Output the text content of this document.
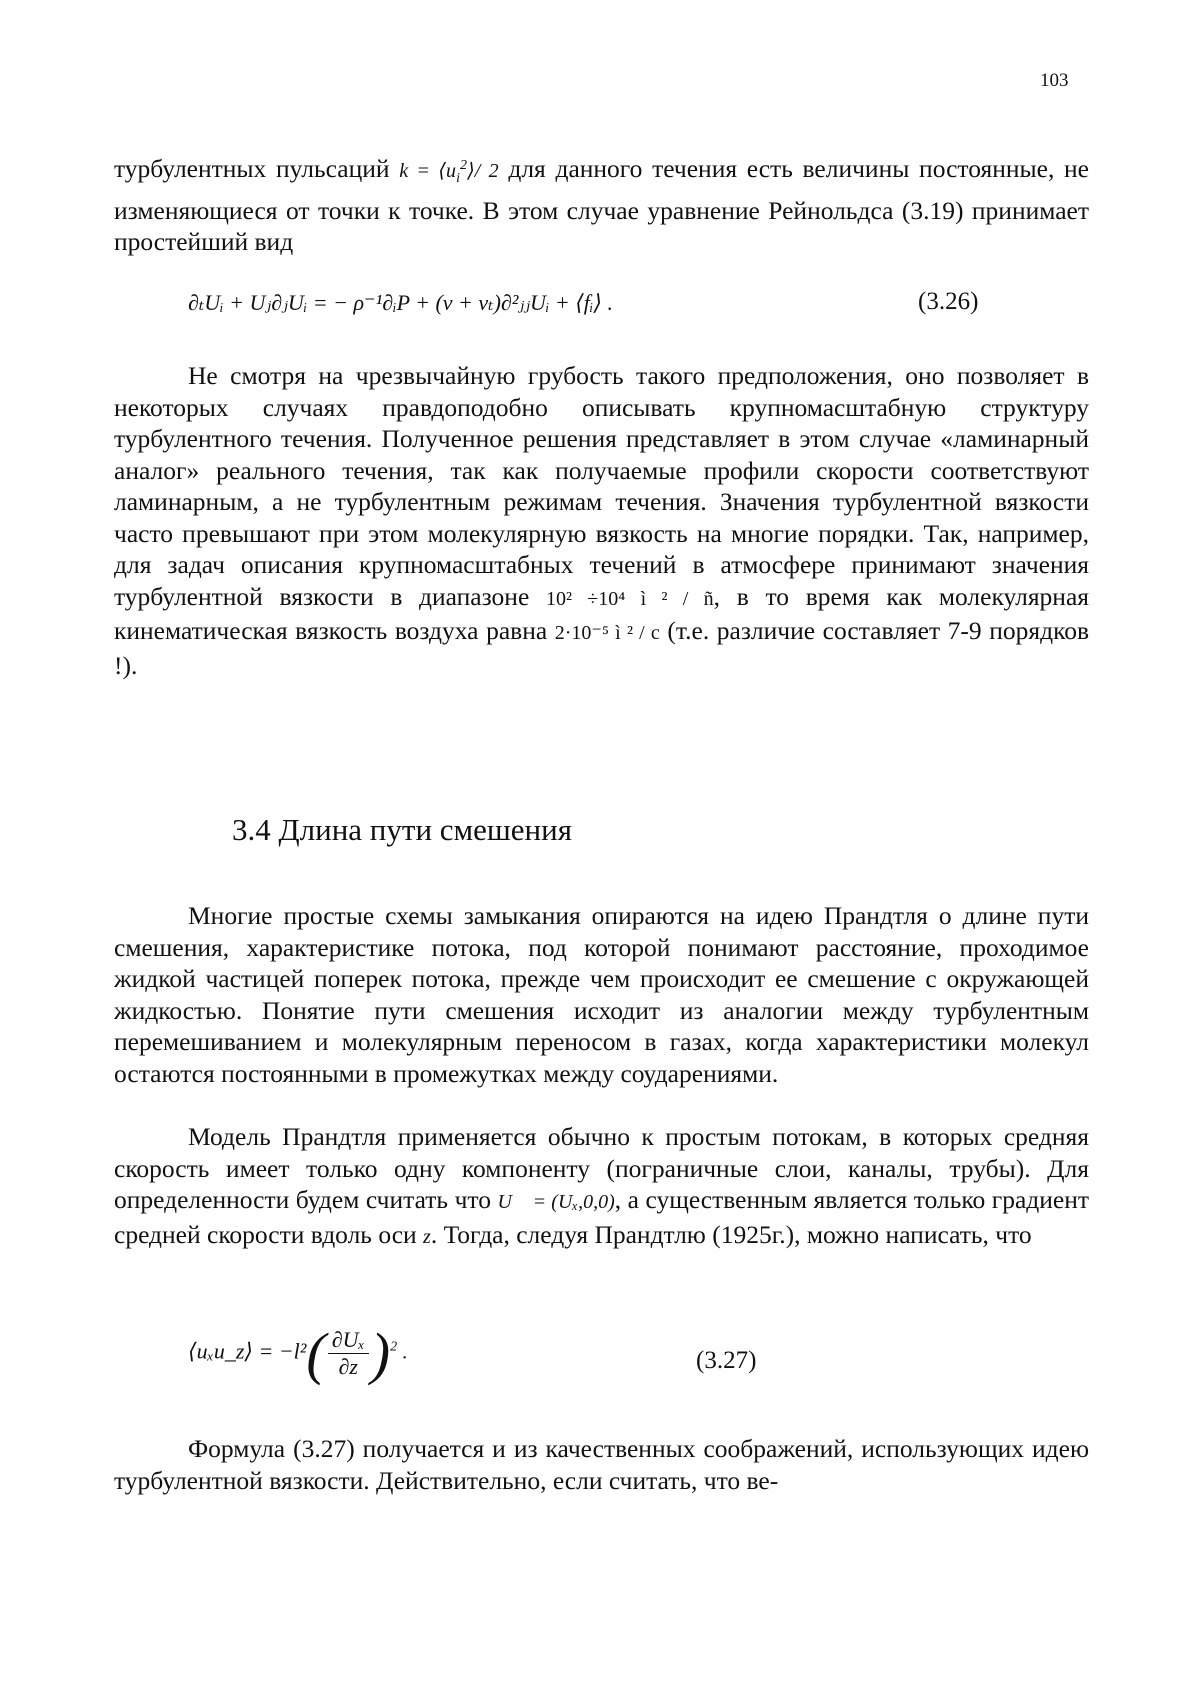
103

турбулентных пульсаций $k = ⟨u_i^2⟩/$ 2 для данного течения есть величины постоянные, не изменяющиеся от точки к точке. В этом случае уравнение Рейнольдса (3.19) принимает простейший вид

∂ₜUᵢ + Uⱼ∂ⱼUᵢ = − ρ⁻¹∂ᵢP + (ν + νₜ)∂²ⱼⱼUᵢ + ⟨fᵢ⟩ .	(3.26)

Не смотря на чрезвычайную грубость такого предположения, оно позволяет в некоторых случаях правдоподобно описывать крупномасштабную структуру турбулентного течения. Полученное решения представляет в этом случае «ламинарный аналог» реального течения, так как получаемые профили скорости соответствуют ламинарным, а не турбулентным режимам течения. Значения турбулентной вязкости часто превышают при этом молекулярную вязкость на многие порядки. Так, например, для задач описания крупномасштабных течений в атмосфере принимают значения турбулентной вязкости в диапазоне 10² ÷10⁴ ì ² / ñ, в то время как молекулярная кинематическая вязкость воздуха равна 2·10⁻⁵ ì ² / c (т.е. различие составляет 7-9 порядков !).

3.4 Длина пути смешения

Многие простые схемы замыкания опираются на идею Прандтля о длине пути смешения, характеристике потока, под которой понимают расстояние, проходимое жидкой частицей поперек потока, прежде чем происходит ее смешение с окружающей жидкостью. Понятие пути смешения исходит из аналогии между турбулентным перемешиванием и молекулярным переносом в газах, когда характеристики молекул остаются постоянными в промежутках между соударениями.

Модель Прандтля применяется обычно к простым потокам, в которых средняя скорость имеет только одну компоненту (пограничные слои, каналы, трубы). Для определенности будем считать что U⃗ = (Uₓ,0,0), а существенным является только градиент средней скорости вдоль оси z. Тогда, следуя Прандтлю (1925г.), можно написать, что

⟨uₓu_z⟩ = $-l^2( \frac{\text{∂Uₓ}}{\partial z} )^2$ .	(3.27)

Формула (3.27) получается и из качественных соображений, использующих идею турбулентной вязкости. Действительно, если считать, что ве-
